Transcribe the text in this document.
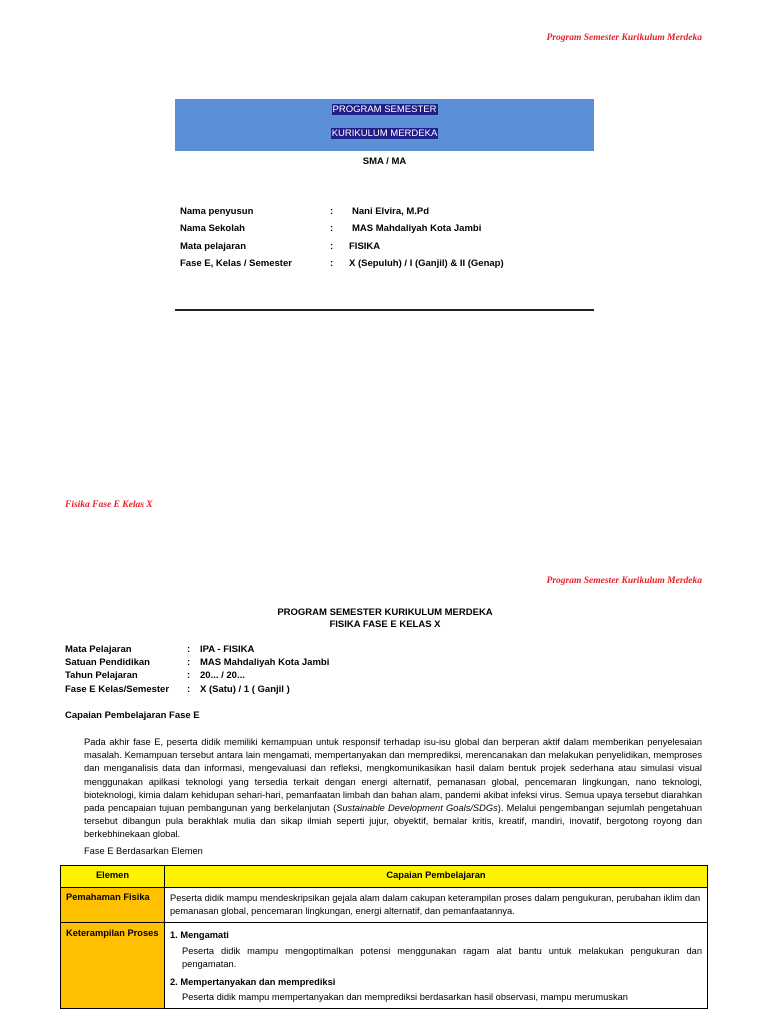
Program Semester Kurikulum Merdeka
PROGRAM SEMESTER
KURIKULUM MERDEKA
SMA / MA
Nama penyusun	: Nani Elvira, M.Pd
Nama Sekolah	: MAS Mahdaliyah Kota Jambi
Mata pelajaran	: FISIKA
Fase E, Kelas / Semester	: X (Sepuluh) / I (Ganjil) & II (Genap)
Fisika Fase E Kelas X
Program Semester Kurikulum Merdeka
PROGRAM SEMESTER KURIKULUM MERDEKA
FISIKA FASE E KELAS X
Mata Pelajaran	: IPA - FISIKA
Satuan Pendidikan	: MAS Mahdaliyah Kota Jambi
Tahun Pelajaran	: 20... / 20...
Fase E Kelas/Semester : X (Satu) / 1 ( Ganjil )
Capaian Pembelajaran Fase E
Pada akhir fase E, peserta didik memiliki kemampuan untuk responsif terhadap isu-isu global dan berperan aktif dalam memberikan penyelesaian masalah. Kemampuan tersebut antara lain mengamati, mempertanyakan dan memprediksi, merencanakan dan melakukan penyelidikan, memproses dan menganalisis data dan informasi, mengevaluasi dan refleksi, mengkomunikasikan hasil dalam bentuk projek sederhana atau simulasi visual menggunakan apilkasi teknologi yang tersedia terkait dengan energi alternatif, pemanasan global, pencemaran lingkungan, nano teknologi, bioteknologi, kimia dalam kehidupan sehari-hari, pemanfaatan limbah dan bahan alam, pandemi akibat infeksi virus. Semua upaya tersebut diarahkan pada pencapaian tujuan pembangunan yang berkelanjutan (Sustainable Development Goals/SDGs). Melalui pengembangan sejumlah pengetahuan tersebut dibangun pula berakhlak mulia dan sikap ilmiah seperti jujur, obyektif, bernalar kritis, kreatif, mandiri, inovatif, bergotong royong dan berkebhinekaan global.
Fase E Berdasarkan Elemen
Elemen	Capaian Pembelajaran
Pemahaman Fisika	Peserta didik mampu mendeskripsikan gejala alam dalam cakupan keterampilan proses dalam pengukuran, perubahan iklim dan pemanasan global, pencemaran lingkungan, energi alternatif, dan pemanfaatannya.
Keterampilan Proses	1. Mengamati
Peserta didik mampu mengoptimalkan potensi menggunakan ragam alat bantu untuk melakukan pengukuran dan pengamatan.
2. Mempertanyakan dan memprediksi
Peserta didik mampu mempertanyakan dan memprediksi berdasarkan hasil observasi, mampu merumuskan
